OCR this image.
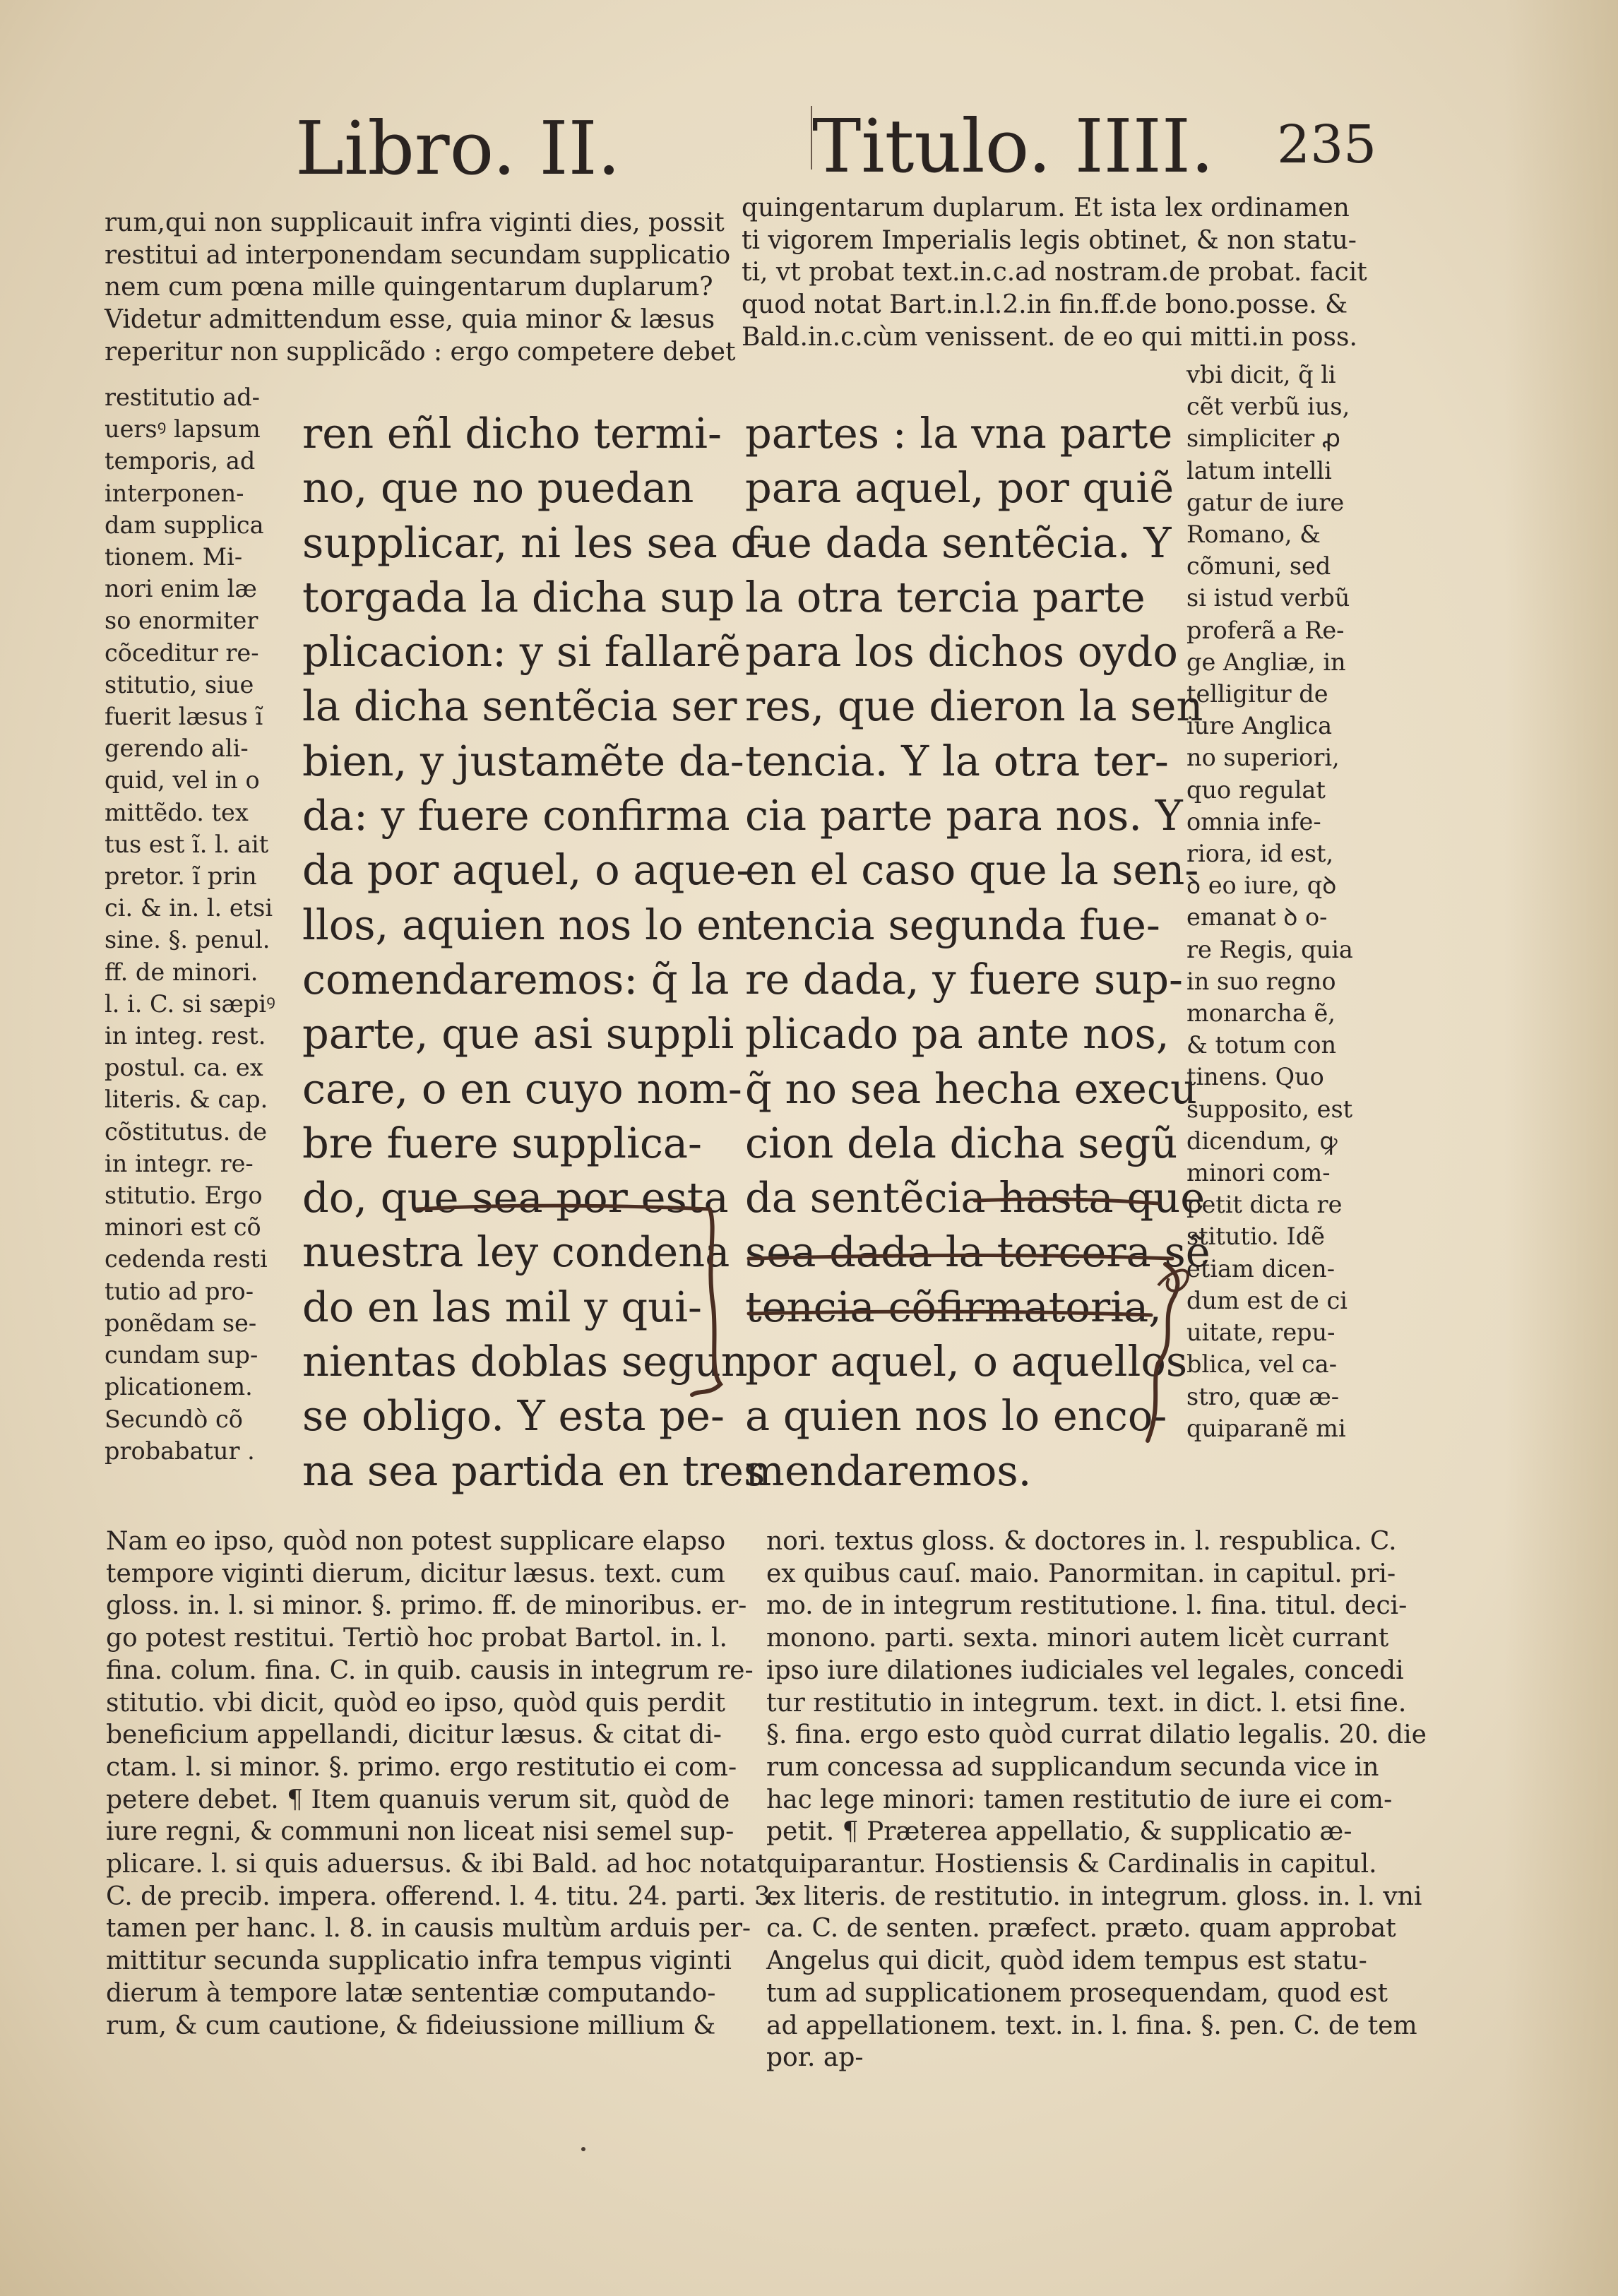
Libro. II.	Titulo. IIII. 235
rum,qui non supplicauit infra viginti dies, possit
restitui ad interponendam secundam supplicatio
nem cum pœna mille quingentarum duplarum?
Videtur admittendum esse, quia minor & læsus
reperitur non supplicãdo : ergo competere debet
quingentarum duplarum. Et ista lex ordinamen
ti vigorem Imperialis legis obtinet, & non statu-
ti, vt probat text.in.c.ad nostram.de probat. facit
quod notat Bart.in.l.2.in fin.ff.de bono.posse. &
Bald.in.c.cùm venissent. de eo qui mitti.in poss.
restitutio ad-
uersꝰ lapsum
temporis, ad
interponen-
dam supplica
tionem. Mi-
nori enim læ
so enormiter
cõceditur re-
stitutio, siue
fuerit læsus ĩ
gerendo ali-
quid, vel in o
mittẽdo. tex
tus est ĩ. l. ait
pretor. ĩ prin
ci. & in. l. etsi
sine. §. penul.
ff. de minori.
l. i. C. si sæpiꝰ
in integ. rest.
postul. ca. ex
literis. & cap.
cõstitutus. de
in integr. re-
stitutio. Ergo
minori est cõ
cedenda resti
tutio ad pro-
ponẽdam se-
cundam sup-
plicationem.
Secundò cõ
probabatur .
ren eñl dicho termi-
no, que no puedan
supplicar, ni les sea o-
torgada la dicha sup
plicacion: y si fallarẽ
la dicha sentẽcia ser
bien, y justamẽte da-
da: y fuere confirma
da por aquel, o aque-
llos, aquien nos lo en
comendaremos: q̃ la
parte, que asi suppli
care, o en cuyo nom-
bre fuere supplica-
do, que sea por esta
nuestra ley condena
do en las mil y qui-
nientas doblas segun
se obligo. Y esta pe-
na sea partida en tres
partes : la vna parte
para aquel, por quiẽ
fue dada sentẽcia. Y
la otra tercia parte
para los dichos oydo
res, que dieron la sen
tencia. Y la otra ter-
cia parte para nos. Y
en el caso que la sen-
tencia segunda fue-
re dada, y fuere sup-
plicado pa ante nos,
q̃ no sea hecha execu
cion dela dicha segũ
da sentẽcia hasta que
sea dada la tercera sẽ
tencia cõfirmatoria,
por aquel, o aquellos
a quien nos lo enco-
mendaremos.
vbi dicit, q̃ li
cẽt verbũ ius,
simpliciter ꝓ
latum intelli
gatur de iure
Romano, &
cõmuni, sed
si istud verbũ
proferã a Re-
ge Angliæ, in
telligitur de
iure Anglica
no superiori,
quo regulat
omnia infe-
riora, id est,
ꝺ eo iure, qꝺ
emanat ꝺ o-
re Regis, quia
in suo regno
monarcha ẽ,
& totum con
tinens. Quo
supposito, est
dicendum, ꝙ
minori com-
petit dicta re
stitutio. Idẽ
etiam dicen-
dum est de ci
uitate, repu-
blica, vel ca-
stro, quæ æ-
quiparanẽ mi
Nam eo ipso, quòd non potest supplicare elapso
tempore viginti dierum, dicitur læsus. text. cum
gloss. in. l. si minor. §. primo. ff. de minoribus. er-
go potest restitui. Tertiò hoc probat Bartol. in. l.
fina. colum. fina. C. in quib. causis in integrum re-
stitutio. vbi dicit, quòd eo ipso, quòd quis perdit
beneficium appellandi, dicitur læsus. & citat di-
ctam. l. si minor. §. primo. ergo restitutio ei com-
petere debet. ¶ Item quanuis verum sit, quòd de
iure regni, & communi non liceat nisi semel sup-
plicare. l. si quis aduersus. & ibi Bald. ad hoc notat.
C. de precib. impera. offerend. l. 4. titu. 24. parti. 3.
tamen per hanc. l. 8. in causis multùm arduis per-
mittitur secunda supplicatio infra tempus viginti
dierum à tempore latæ sententiæ computando-
rum, & cum cautione, & fideiussione millium &
nori. textus gloss. & doctores in. l. respublica. C.
ex quibus cauſ. maio. Panormitan. in capitul. pri-
mo. de in integrum restitutione. l. fina. titul. deci-
monono. parti. sexta. minori autem licèt currant
ipso iure dilationes iudiciales vel legales, concedi
tur restitutio in integrum. text. in dict. l. etsi fine.
§. fina. ergo esto quòd currat dilatio legalis. 20. die
rum concessa ad supplicandum secunda vice in
hac lege minori: tamen restitutio de iure ei com-
petit. ¶ Præterea appellatio, & supplicatio æ-
quiparantur. Hostiensis & Cardinalis in capitul.
ex literis. de restitutio. in integrum. gloss. in. l. vni
ca. C. de senten. præfect. præto. quam approbat
Angelus qui dicit, quòd idem tempus est statu-
tum ad supplicationem prosequendam, quod est
ad appellationem. text. in. l. fina. §. pen. C. de tem
por. ap-
